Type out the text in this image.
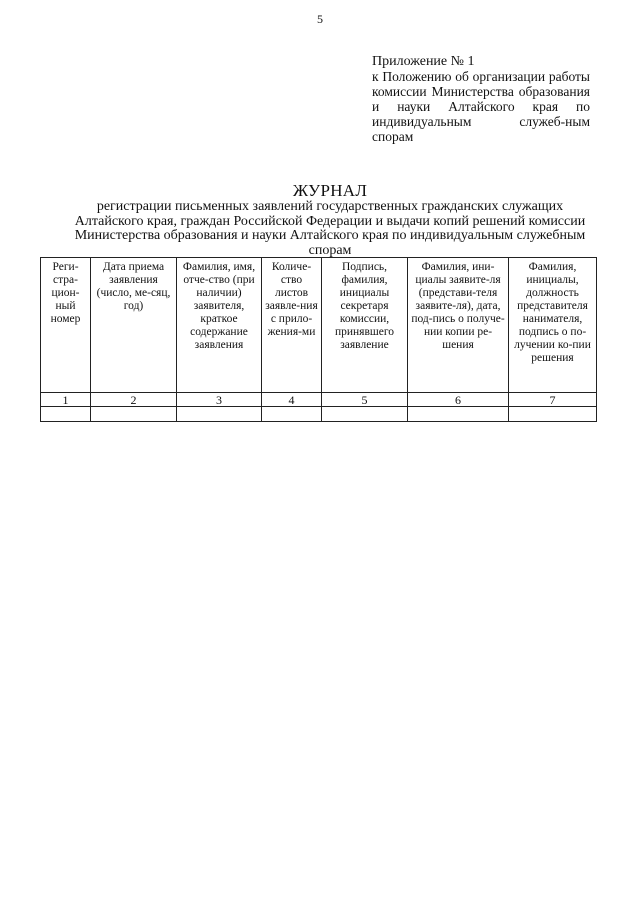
5
Приложение № 1
к Положению об организации работы комиссии Министерства образования и науки Алтайского края по индивидуальным служеб-ным спорам
ЖУРНАЛ
регистрации письменных заявлений государственных гражданских служащих Алтайского края, граждан Российской Федерации и выдачи копий решений комиссии Министерства образования и науки Алтайского края по индивидуальным служебным спорам
Реги-стра-цион-ный номер	Дата приема заявления (число, ме-сяц, год)	Фамилия, имя, отче-ство (при наличии) заявителя, краткое содержание заявления	Количе-ство листов заявле-ния с прило-жения-ми	Подпись, фамилия, инициалы секретаря комиссии, принявшего заявление	Фамилия, ини-циалы заявите-ля (представи-теля заявите-ля), дата, под-пись о получе-нии копии ре-шения	Фамилия, инициалы, должность представителя нанимателя, подпись о по-лучении ко-пии решения
1	2	3	4	5	6	7
